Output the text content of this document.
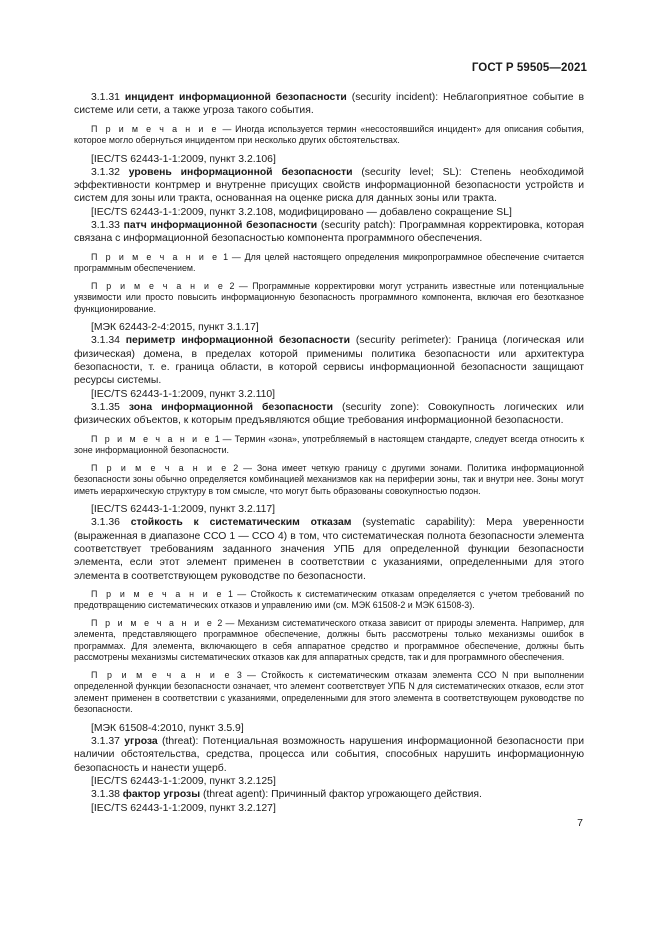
ГОСТ Р 59505—2021

3.1.31 инцидент информационной безопасности (security incident): Неблагоприятное событие в системе или сети, а также угроза такого события.

П р и м е ч а н и е — Иногда используется термин «несостоявшийся инцидент» для описания события, которое могло обернуться инцидентом при несколько других обстоятельствах.

[IEC/TS 62443-1-1:2009, пункт 3.2.106]

3.1.32 уровень информационной безопасности (security level; SL): Степень необходимой эффективности контрмер и внутренне присущих свойств информационной безопасности устройств и систем для зоны или тракта, основанная на оценке риска для данных зоны или тракта.

[IEC/TS 62443-1-1:2009, пункт 3.2.108, модифицировано — добавлено сокращение SL]

3.1.33 патч информационной безопасности (security patch): Программная корректировка, которая связана с информационной безопасностью компонента программного обеспечения.

П р и м е ч а н и е 1 — Для целей настоящего определения микропрограммное обеспечение считается программным обеспечением.

П р и м е ч а н и е 2 — Программные корректировки могут устранить известные или потенциальные уязвимости или просто повысить информационную безопасность программного компонента, включая его безотказное функционирование.

[МЭК 62443-2-4:2015, пункт 3.1.17]

3.1.34 периметр информационной безопасности (security perimeter): Граница (логическая или физическая) домена, в пределах которой применимы политика безопасности или архитектура безопасности, т. е. граница области, в которой сервисы информационной безопасности защищают ресурсы системы.

[IEC/TS 62443-1-1:2009, пункт 3.2.110]

3.1.35 зона информационной безопасности (security zone): Совокупность логических или физических объектов, к которым предъявляются общие требования информационной безопасности.

П р и м е ч а н и е 1 — Термин «зона», употребляемый в настоящем стандарте, следует всегда относить к зоне информационной безопасности.

П р и м е ч а н и е 2 — Зона имеет четкую границу с другими зонами. Политика информационной безопасности зоны обычно определяется комбинацией механизмов как на периферии зоны, так и внутри нее. Зоны могут иметь иерархическую структуру в том смысле, что могут быть образованы совокупностью подзон.

[IEC/TS 62443-1-1:2009, пункт 3.2.117]

3.1.36 стойкость к систематическим отказам (systematic capability): Мера уверенности (выраженная в диапазоне ССО 1 — ССО 4) в том, что систематическая полнота безопасности элемента соответствует требованиям заданного значения УПБ для определенной функции безопасности элемента, если этот элемент применен в соответствии с указаниями, определенными для этого элемента в соответствующем руководстве по безопасности.

П р и м е ч а н и е 1 — Стойкость к систематическим отказам определяется с учетом требований по предотвращению систематических отказов и управлению ими (см. МЭК 61508-2 и МЭК 61508-3).

П р и м е ч а н и е 2 — Механизм систематического отказа зависит от природы элемента. Например, для элемента, представляющего программное обеспечение, должны быть рассмотрены только механизмы ошибок в программах. Для элемента, включающего в себя аппаратное средство и программное обеспечение, должны быть рассмотрены механизмы систематических отказов как для аппаратных средств, так и для программного обеспечения.

П р и м е ч а н и е 3 — Стойкость к систематическим отказам элемента ССО N при выполнении определенной функции безопасности означает, что элемент соответствует УПБ N для систематических отказов, если этот элемент применен в соответствии с указаниями, определенными для этого элемента в соответствующем руководстве по безопасности.

[МЭК 61508-4:2010, пункт 3.5.9]

3.1.37 угроза (threat): Потенциальная возможность нарушения информационной безопасности при наличии обстоятельства, средства, процесса или события, способных нарушить информационную безопасность и нанести ущерб.

[IEC/TS 62443-1-1:2009, пункт 3.2.125]

3.1.38 фактор угрозы (threat agent): Причинный фактор угрожающего действия.

[IEC/TS 62443-1-1:2009, пункт 3.2.127]

7
